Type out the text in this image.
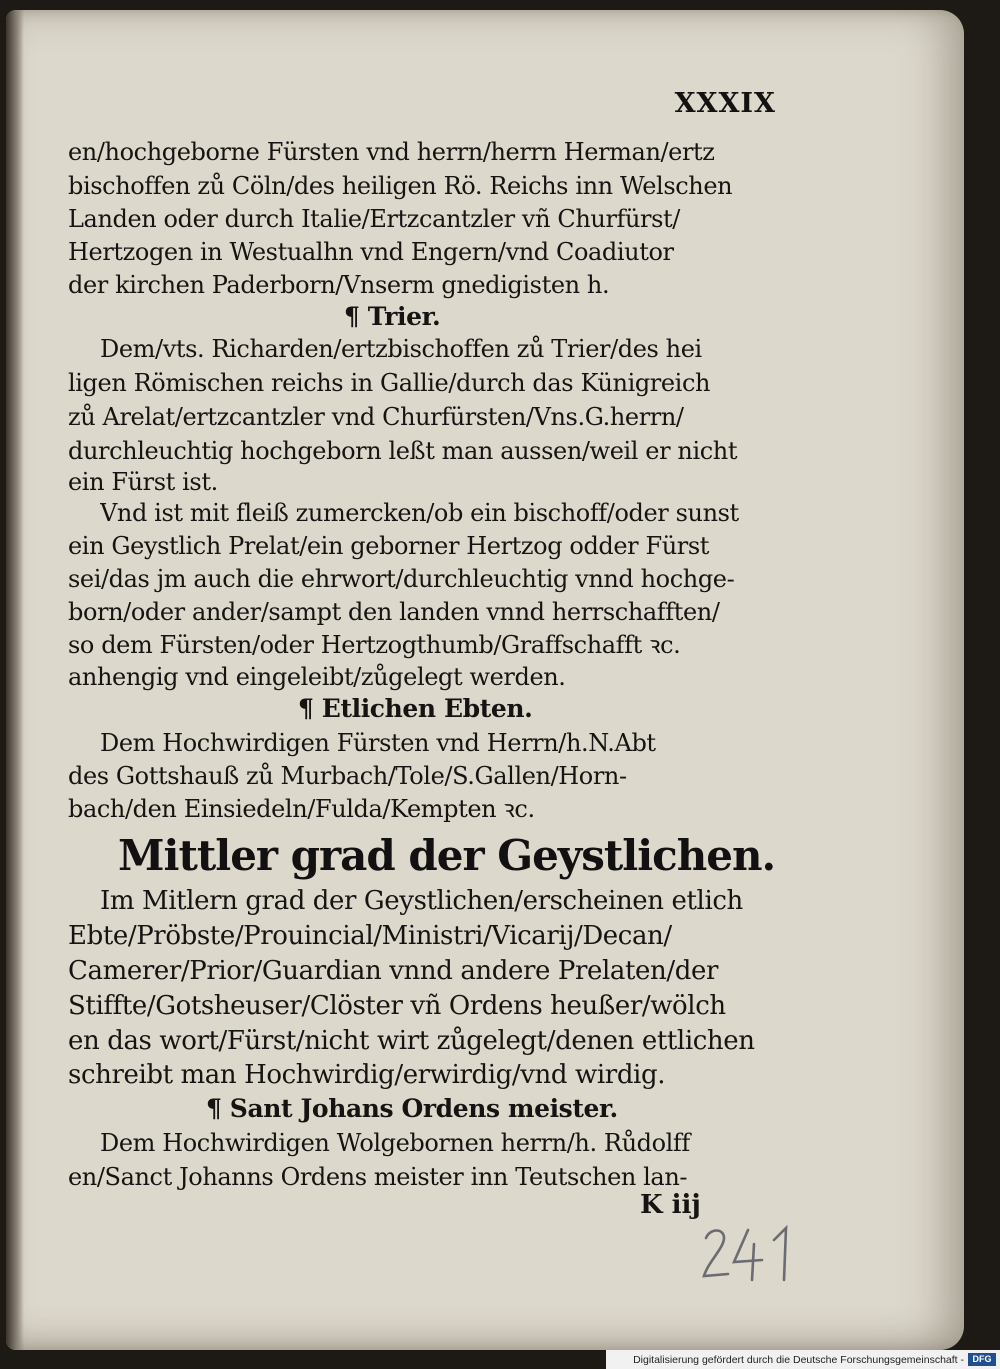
XXXIX
en/hochgeborne Fürsten vnd herrn/herrn Herman/ertz
bischoffen zů Cöln/des heiligen Rö. Reichs inn Welschen
Landen oder durch Italie/Ertzcantzler vñ Churfürst/
Hertzogen in Westualhn vnd Engern/vnd Coadiutor
der kirchen Paderborn/Vnserm gnedigisten h.
¶ Trier.
Dem/vts. Richarden/ertzbischoffen zů Trier/des hei
ligen Römischen reichs in Gallie/durch das Künigreich
zů Arelat/ertzcantzler vnd Churfürsten/Vns.G.herrn/
durchleuchtig hochgeborn leßt man aussen/weil er nicht
ein Fürst ist.
Vnd ist mit fleiß zumercken/ob ein bischoff/oder sunst
ein Geystlich Prelat/ein geborner Hertzog odder Fürst
sei/das jm auch die ehrwort/durchleuchtig vnnd hochge-
born/oder ander/sampt den landen vnnd herrschafften/
so dem Fürsten/oder Hertzogthumb/Graffschafft ꝛc.
anhengig vnd eingeleibt/zůgelegt werden.
¶ Etlichen Ebten.
Dem Hochwirdigen Fürsten vnd Herrn/h.N.Abt
des Gottshauß zů Murbach/Tole/S.Gallen/Horn-
bach/den Einsiedeln/Fulda/Kempten ꝛc.
Mittler grad der Geystlichen.
Im Mitlern grad der Geystlichen/erscheinen etlich
Ebte/Pröbste/Prouincial/Ministri/Vicarij/Decan/
Camerer/Prior/Guardian vnnd andere Prelaten/der
Stiffte/Gotsheuser/Clöster vñ Ordens heußer/wölch
en das wort/Fürst/nicht wirt zůgelegt/denen ettlichen
schreibt man Hochwirdig/erwirdig/vnd wirdig.
¶ Sant Johans Ordens meister.
Dem Hochwirdigen Wolgebornen herrn/h. Růdolff
en/Sanct Johanns Ordens meister inn Teutschen lan-
K iij
241
Digitalisierung gefördert durch die Deutsche Forschungsgemeinschaft - DFG
